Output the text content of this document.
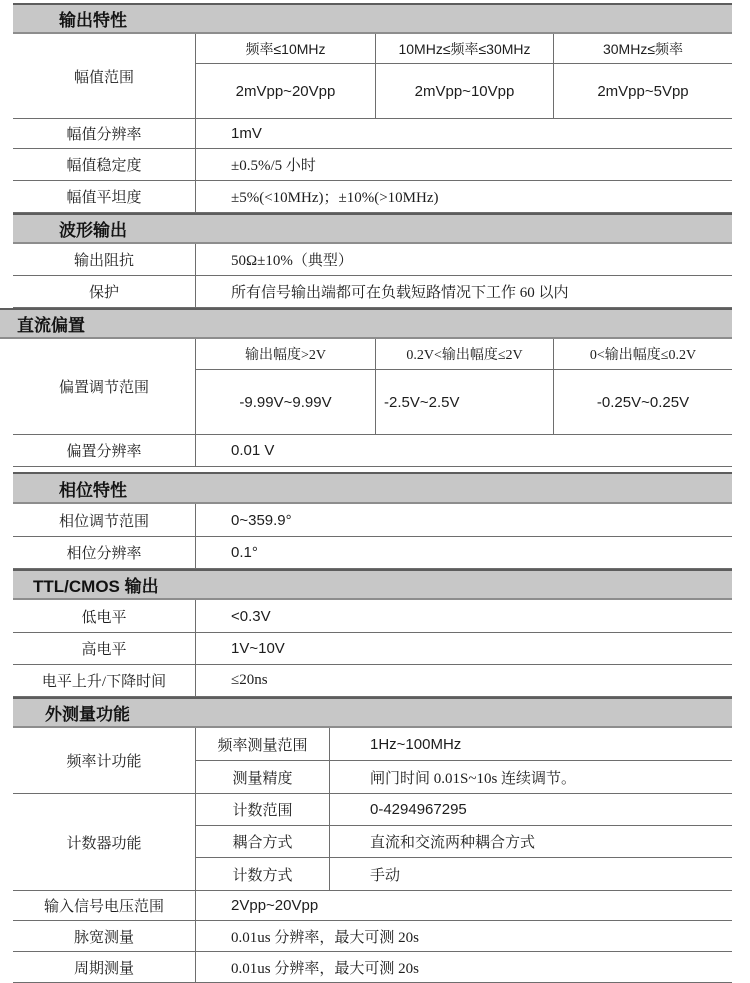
输出特性
幅值范围
频率≤10MHz	10MHz≤频率≤30MHz	30MHz≤频率
2mVpp~20Vpp	2mVpp~10Vpp	2mVpp~5Vpp
幅值分辨率	1mV
幅值稳定度	±0.5%/5 小时
幅值平坦度	±5%(<10MHz)；±10%(>10MHz)
波形输出
输出阻抗	50Ω±10%（典型）
保护	所有信号输出端都可在负载短路情况下工作 60 以内
直流偏置
偏置调节范围
输出幅度>2V	0.2V<输出幅度≤2V	0<输出幅度≤0.2V
-9.99V~9.99V	-2.5V~2.5V	-0.25V~0.25V
偏置分辨率	0.01 V
相位特性
相位调节范围	0~359.9°
相位分辨率	0.1°
TTL/CMOS 输出
低电平	<0.3V
高电平	1V~10V
电平上升/下降时间	≤20ns
外测量功能
频率计功能
频率测量范围	1Hz~100MHz
测量精度	闸门时间 0.01S~10s 连续调节。
计数器功能
计数范围	0-4294967295
耦合方式	直流和交流两种耦合方式
计数方式	手动
输入信号电压范围	2Vpp~20Vpp
脉宽测量	0.01us 分辨率，最大可测 20s
周期测量	0.01us 分辨率，最大可测 20s
